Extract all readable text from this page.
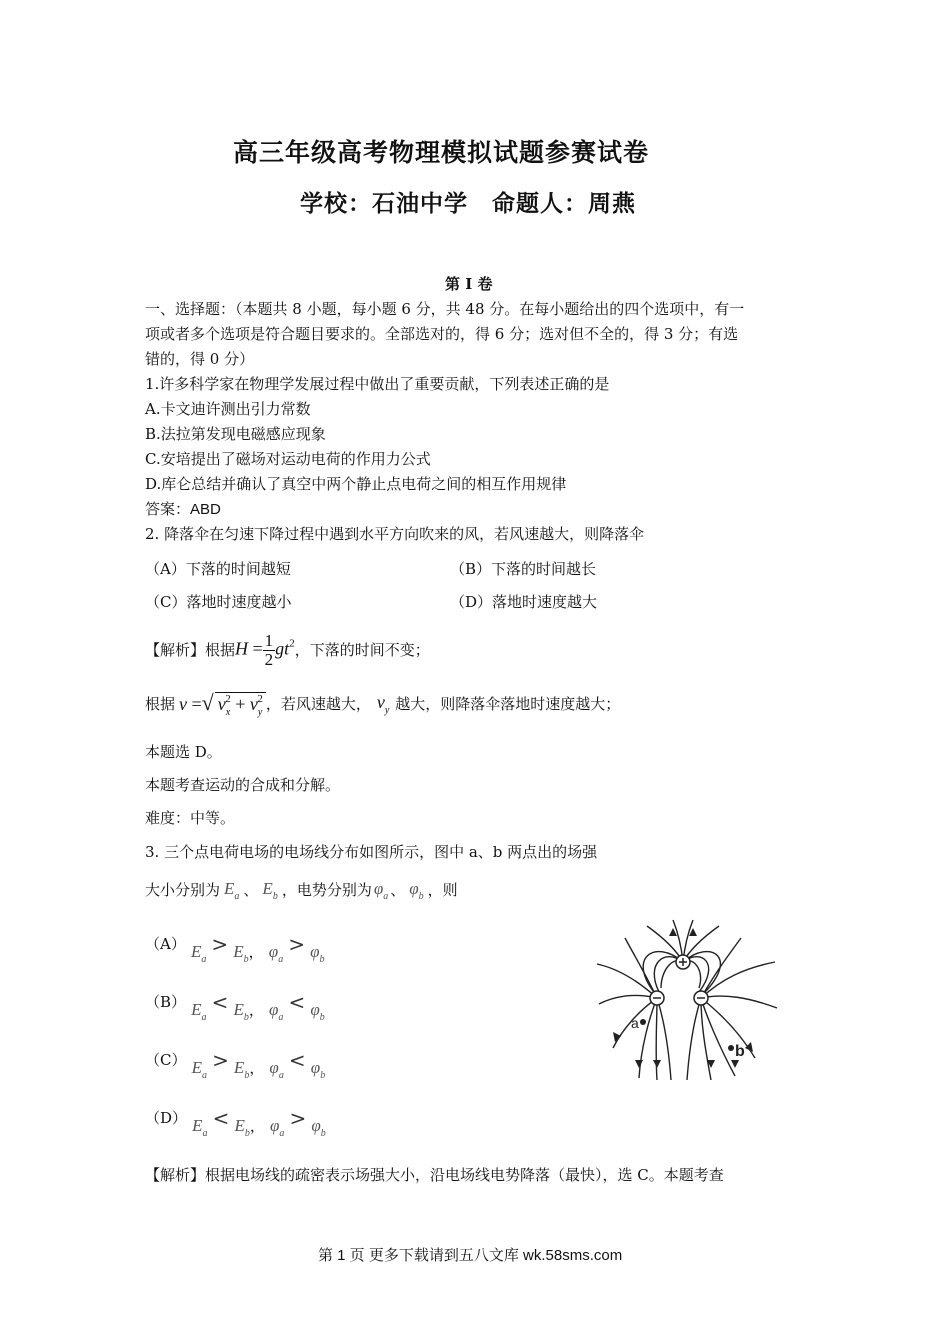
高三年级高考物理模拟试题参赛试卷
学校：石油中学　命题人：周燕
第 I 卷
一、选择题：（本题共 8 小题，每小题 6 分，共 48 分。在每小题给出的四个选项中，有一
项或者多个选项是符合题目要求的。全部选对的，得 6 分；选对但不全的，得 3 分；有选
错的，得 0 分）
1.许多科学家在物理学发展过程中做出了重要贡献，下列表述正确的是
A.卡文迪许测出引力常数
B.法拉第发现电磁感应现象
C.安培提出了磁场对运动电荷的作用力公式
D.库仑总结并确认了真空中两个静止点电荷之间的相互作用规律
答案：ABD
2. 降落伞在匀速下降过程中遇到水平方向吹来的风，若风速越大，则降落伞
（A）下落的时间越短	（B）下落的时间越长
（C）落地时速度越小	（D）落地时速度越大
【解析】根据 $H = \frac{1}{2} gt^2$ ，下落的时间不变；
根据 v =√ $v_x^2 + v_y^2$ ，若风速越大， $v_y$ 越大，则降落伞落地时速度越大；
本题选 D。
本题考查运动的合成和分解。
难度：中等。
3. 三个点电荷电场的电场线分布如图所示，图中 a、b 两点出的场强
大小分别为 $E_a$ 、 $E_b$ ，电势分别为 $\varphi_a$ 、 $\varphi_b$ ，则
（A） $E_a > E_b$， $\varphi_a > \varphi_b$
（B） $E_a < E_b$， $\varphi_a < \varphi_b$
（C） $E_a > E_b$， $\varphi_a < \varphi_b$
（D） $E_a < E_b$， $\varphi_a > \varphi_b$
a
b
【解析】根据电场线的疏密表示场强大小，沿电场线电势降落（最快），选 C。本题考查
第 1 页 更多下载请到五八文库 wk.58sms.com
